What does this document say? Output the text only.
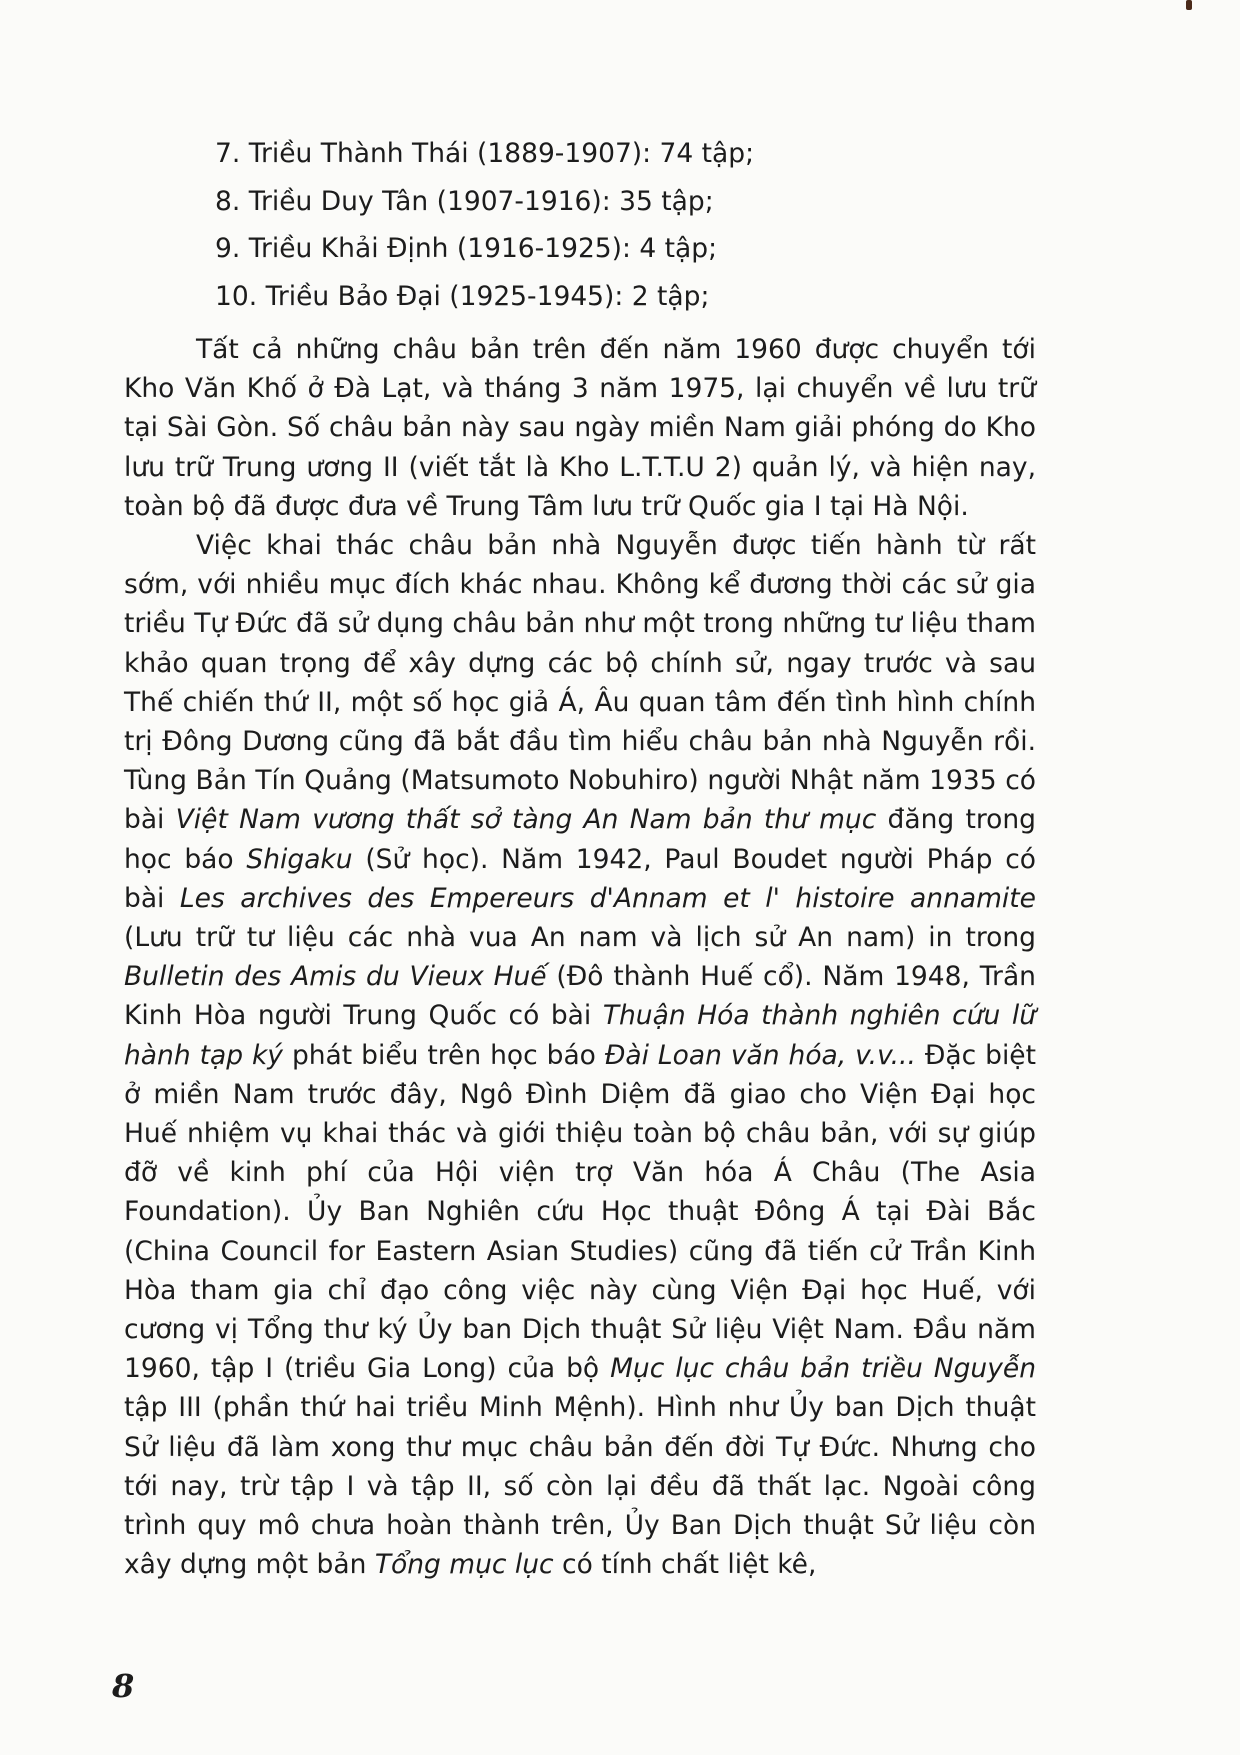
7. Triều Thành Thái (1889-1907): 74 tập;
8. Triều Duy Tân (1907-1916): 35 tập;
9. Triều Khải Định (1916-1925): 4 tập;
10. Triều Bảo Đại (1925-1945): 2 tập;

Tất cả những châu bản trên đến năm 1960 được chuyển tới Kho Văn Khố ở Đà Lạt, và tháng 3 năm 1975, lại chuyển về lưu trữ tại Sài Gòn. Số châu bản này sau ngày miền Nam giải phóng do Kho lưu trữ Trung ương II (viết tắt là Kho L.T.T.U 2) quản lý, và hiện nay, toàn bộ đã được đưa về Trung Tâm lưu trữ Quốc gia I tại Hà Nội.

Việc khai thác châu bản nhà Nguyễn được tiến hành từ rất sớm, với nhiều mục đích khác nhau. Không kể đương thời các sử gia triều Tự Đức đã sử dụng châu bản như một trong những tư liệu tham khảo quan trọng để xây dựng các bộ chính sử, ngay trước và sau Thế chiến thứ II, một số học giả Á, Âu quan tâm đến tình hình chính trị Đông Dương cũng đã bắt đầu tìm hiểu châu bản nhà Nguyễn rồi. Tùng Bản Tín Quảng (Matsumoto Nobuhiro) người Nhật năm 1935 có bài Việt Nam vương thất sở tàng An Nam bản thư mục đăng trong học báo Shigaku (Sử học). Năm 1942, Paul Boudet người Pháp có bài Les archives des Empereurs d'Annam et l' histoire annamite (Lưu trữ tư liệu các nhà vua An nam và lịch sử An nam) in trong Bulletin des Amis du Vieux Huế (Đô thành Huế cổ). Năm 1948, Trần Kinh Hòa người Trung Quốc có bài Thuận Hóa thành nghiên cứu lữ hành tạp ký phát biểu trên học báo Đài Loan văn hóa, v.v... Đặc biệt ở miền Nam trước đây, Ngô Đình Diệm đã giao cho Viện Đại học Huế nhiệm vụ khai thác và giới thiệu toàn bộ châu bản, với sự giúp đỡ về kinh phí của Hội viện trợ Văn hóa Á Châu (The Asia Foundation). Ủy Ban Nghiên cứu Học thuật Đông Á tại Đài Bắc (China Council for Eastern Asian Studies) cũng đã tiến cử Trần Kinh Hòa tham gia chỉ đạo công việc này cùng Viện Đại học Huế, với cương vị Tổng thư ký Ủy ban Dịch thuật Sử liệu Việt Nam. Đầu năm 1960, tập I (triều Gia Long) của bộ Mục lục châu bản triều Nguyễn tập III (phần thứ hai triều Minh Mệnh). Hình như Ủy ban Dịch thuật Sử liệu đã làm xong thư mục châu bản đến đời Tự Đức. Nhưng cho tới nay, trừ tập I và tập II, số còn lại đều đã thất lạc. Ngoài công trình quy mô chưa hoàn thành trên, Ủy Ban Dịch thuật Sử liệu còn xây dựng một bản Tổng mục lục có tính chất liệt kê,

8
